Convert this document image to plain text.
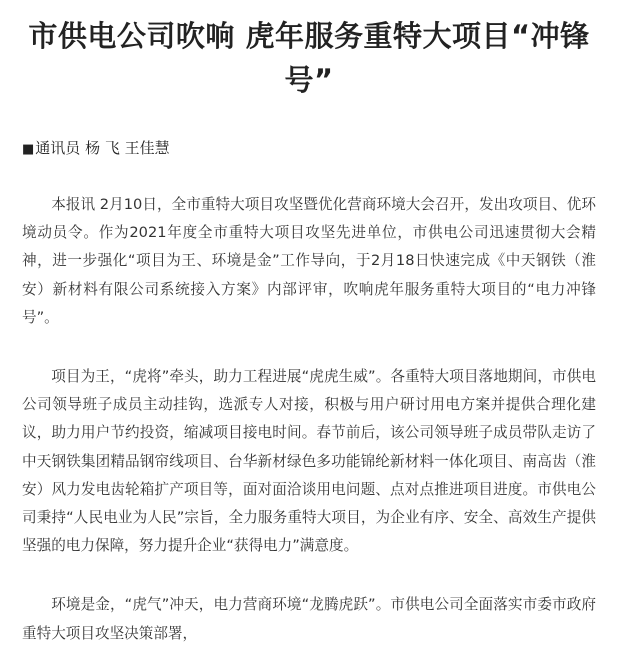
市供电公司吹响 虎年服务重特大项目“冲锋号”
■通讯员 杨 飞 王佳慧

本报讯 2月10日，全市重特大项目攻坚暨优化营商环境大会召开，发出攻项目、优环境动员令。作为2021年度全市重特大项目攻坚先进单位，市供电公司迅速贯彻大会精神，进一步强化“项目为王、环境是金”工作导向，于2月18日快速完成《中天钢铁（淮安）新材料有限公司系统接入方案》内部评审，吹响虎年服务重特大项目的“电力冲锋号”。

项目为王，“虎将”牵头，助力工程进展“虎虎生威”。各重特大项目落地期间，市供电公司领导班子成员主动挂钩，选派专人对接，积极与用户研讨用电方案并提供合理化建议，助力用户节约投资，缩减项目接电时间。春节前后，该公司领导班子成员带队走访了中天钢铁集团精品钢帘线项目、台华新材绿色多功能锦纶新材料一体化项目、南高齿（淮安）风力发电齿轮箱扩产项目等，面对面洽谈用电问题、点对点推进项目进度。市供电公司秉持“人民电业为人民”宗旨，全力服务重特大项目，为企业有序、安全、高效生产提供坚强的电力保障，努力提升企业“获得电力”满意度。

环境是金，“虎气”冲天，电力营商环境“龙腾虎跃”。市供电公司全面落实市委市政府重特大项目攻坚决策部署，
